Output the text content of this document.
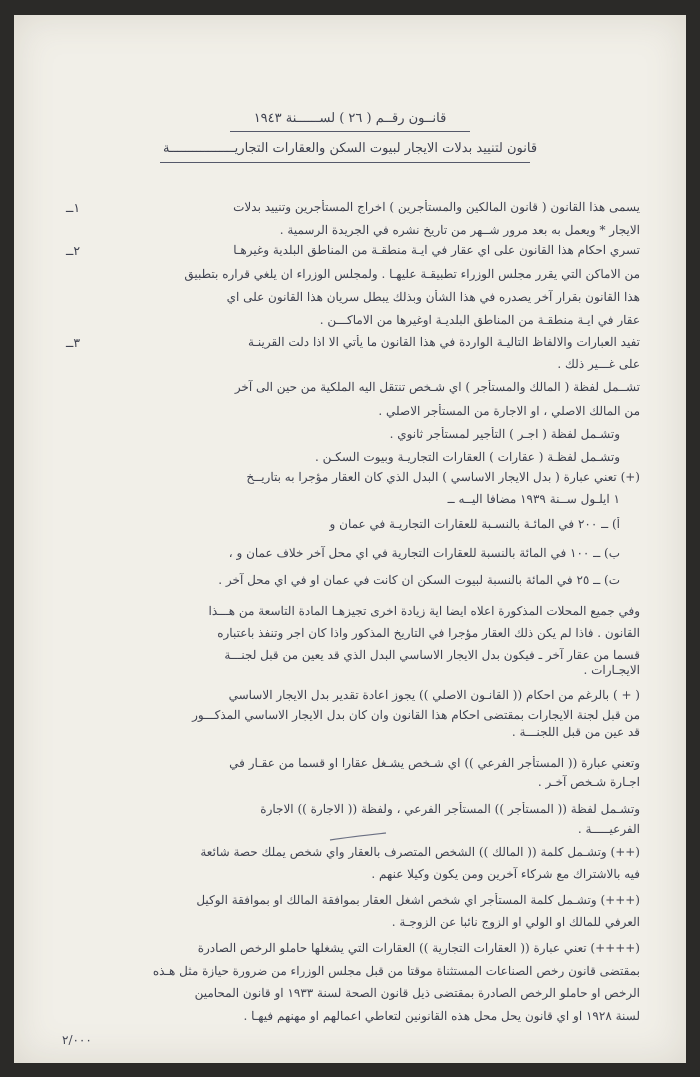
قانــون رقــم ( ٢٦ ) لســــــنة ١٩٤٣
قانون لتنييد بدلات الايجار لبيوت السكن والعقارات التجاريـــــــــــــــــة
١ــ
٢ــ
٣ــ
يسمى هذا القانون ( قانون المالكين والمستأجرين ) اخراج المستأجرين وتنييد بدلات
الايجار * ويعمل به بعد مرور شــهر من تاريخ نشره في الجريدة الرسمية .
تسري احكام هذا القانون على اي عقار في ايـة منطقـة من المناطق البلدية وغيرهـا
من الاماكن التي يقرر مجلس الوزراء تطبيقـة عليهـا . ولمجلس الوزراء ان يلغي قراره بتطبيق
هذا القانون بقرار آخر يصدره في هذا الشأن وبذلك يبطل سريان هذا القانون على اي
عقار في ايـة منطقـة من المناطق البلديـة اوغيرها من الاماكـــن .
تفيد العبارات والالفاظ التاليـة الواردة في هذا القانون ما يأتي الا اذا دلت القرينـة
على غـــير ذلك .
تشــمل لفظة ( المالك والمستأجر ) اي شـخص تنتقل اليه الملكية من حين الى آخر
من المالك الاصلي ، او الاجارة من المستأجر الاصلي .
وتشـمل لفظة ( اجـر ) التأجير لمستأجر ثانوي .
وتشـمل لفظـة ( عقارات ) العقارات التجاريـة وبيوت السكـن .
(+) تعني عبارة ( بدل الايجار الاساسي ) البدل الذي كان العقار مؤجرا به بتاريــخ
١ ايلـول ســنة ١٩٣٩ مضافا اليــه ــ
أ) ــ ٢٠٠ في المائـة بالنسـبة للعقارات التجاريـة في عمان و
ب) ــ ١٠٠ في المائة بالنسبة للعقارات التجارية في اي محل آخر خلاف عمان و ،
ت) ــ ٢٥ في المائة بالنسبة لبيوت السكن ان كانت في عمان او في اي محل آخر .
وفي جميع المحلات المذكورة اعلاه ايضا اية زيادة اخرى تجيزهـا المادة التاسعة من هـــذا
القانون . فاذا لم يكن ذلك العقار مؤجرا في التاريخ المذكور واذا كان اجر وتنفذ باعتباره
قسما من عقار آخر ـ فيكون بدل الايجار الاساسي البدل الذي قد يعين من قبل لجنـــة
الايجـارات .
( + ) بالرغم من احكام (( القانـون الاصلي )) يجوز اعادة تقدير بدل الايجار الاساسي
من قبل لجنة الايجارات بمقتضى احكام هذا القانون وان كان بدل الايجار الاساسي المذكـــور
قد عين من قبل اللجنـــة .
وتعني عبارة (( المستأجر الفرعي )) اي شـخص يشـغل عقارا او قسما من عقـار في
اجـارة شـخص آخـر .
وتشـمل لفظة (( المستأجر )) المستأجر الفرعي ، ولفظة (( الاجارة )) الاجارة
الفرعيـــــة .
(++) وتشـمل كلمة (( المالك )) الشخص المتصرف بالعقار واي شخص يملك حصة شائعة
فيه بالاشتراك مع شركاء آخرين ومن يكون وكيلا عنهم .
(+++) وتشـمل كلمة المستأجر اي شخص اشغل العقار بموافقة المالك او بموافقة الوكيل
العرفي للمالك او الولي او الزوج نائبا عن الزوجـة .
(++++) تعني عبارة (( العقارات التجارية )) العقارات التي يشغلها حاملو الرخص الصادرة
بمقتضى قانون رخص الصناعات المستثناة موقتا من قبل مجلس الوزراء من ضرورة حيازة مثل هـذه
الرخص او حاملو الرخص الصادرة بمقتضى ذيل قانون الصحة لسنة ١٩٣٣ او قانون المحامين
لسنة ١٩٢٨ او اي قانون يحل محل هذه القانونين لتعاطي اعمالهم او مهنهم فيهـا .
٢/٠٠٠
